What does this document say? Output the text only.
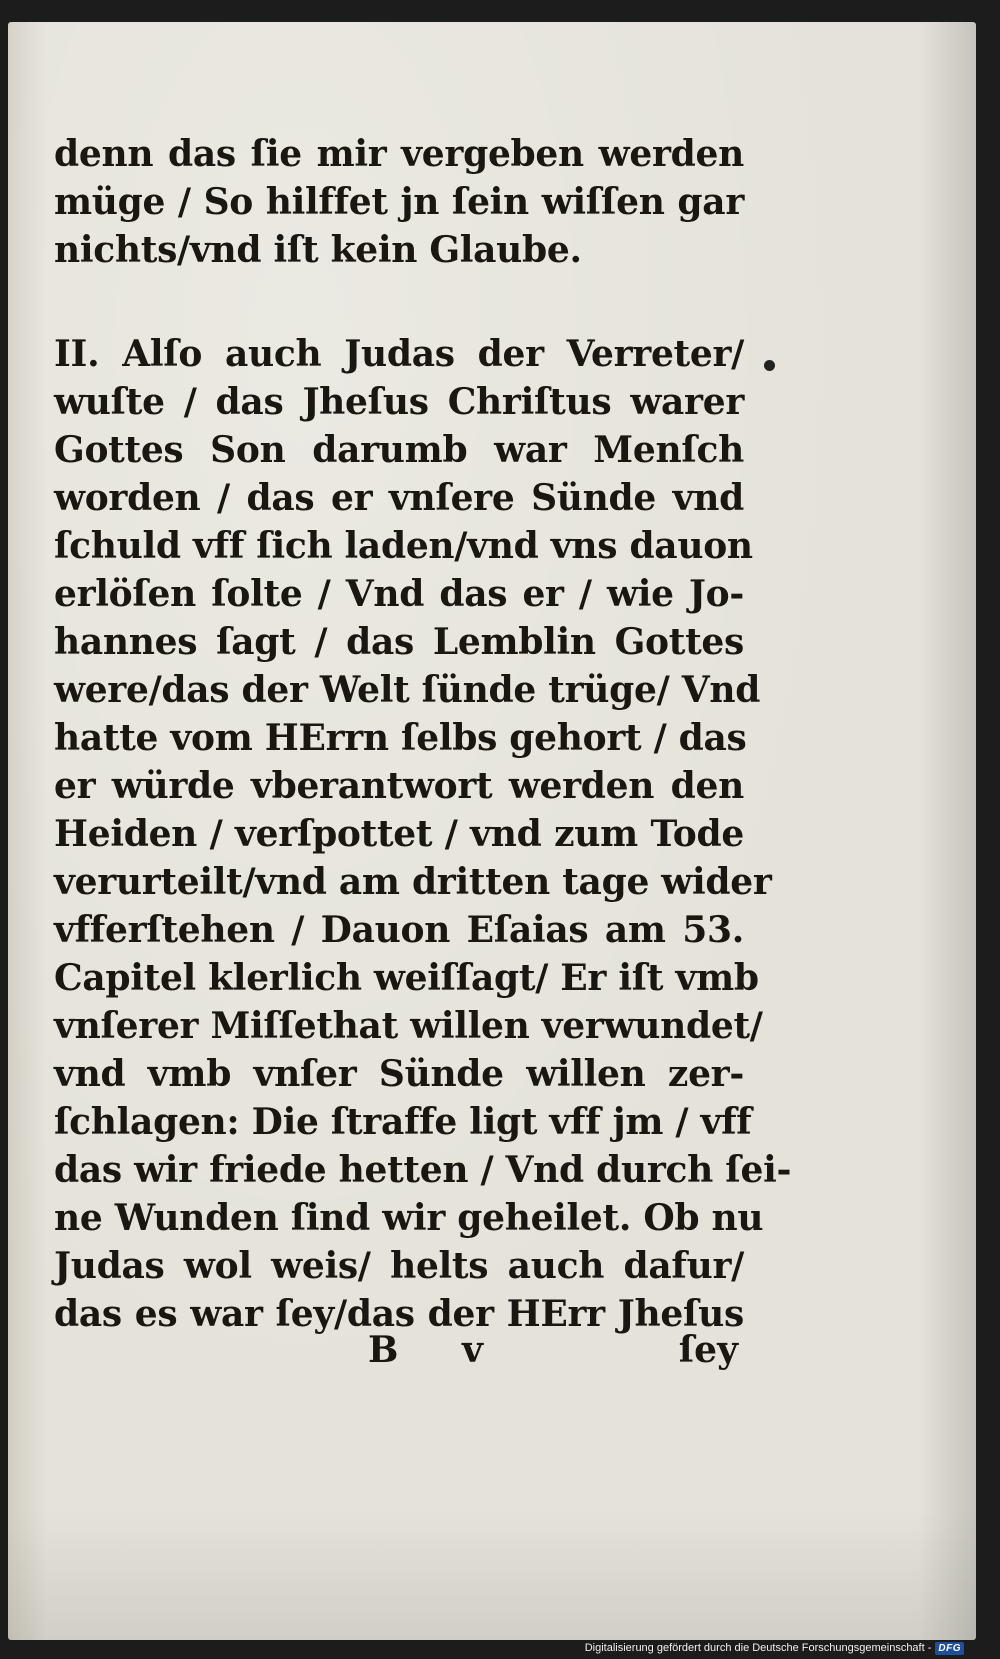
denn das ſie mir vergeben werden
müge / So hilffet jn ſein wiſſen gar
nichts/vnd iſt kein Glaube.
II. Alſo auch Judas der Verreter/
wuſte / das Jheſus Chriſtus warer
Gottes Son darumb war Menſch
worden / das er vnſere Sünde vnd
ſchuld vff ſich laden/vnd vns dauon
erlöſen ſolte / Vnd das er / wie Jo-
hannes ſagt / das Lemblin Gottes
were/das der Welt ſünde trüge/ Vnd
hatte vom HErrn ſelbs gehort / das
er würde vberantwort werden den
Heiden / verſpottet / vnd zum Tode
verurteilt/vnd am dritten tage wider
vfferſtehen / Dauon Eſaias am 53.
Capitel klerlich weiſſagt/ Er iſt vmb
vnſerer Miſſethat willen verwundet/
vnd vmb vnſer Sünde willen zer-
ſchlagen: Die ſtraffe ligt vff jm / vff
das wir friede hetten / Vnd durch ſei-
ne Wunden ſind wir geheilet. Ob nu
Judas wol weis/ helts auch dafur/
das es war ſey/das der HErr Jheſus
B v	ſey
Digitalisierung gefördert durch die Deutsche Forschungsgemeinschaft - DFG
